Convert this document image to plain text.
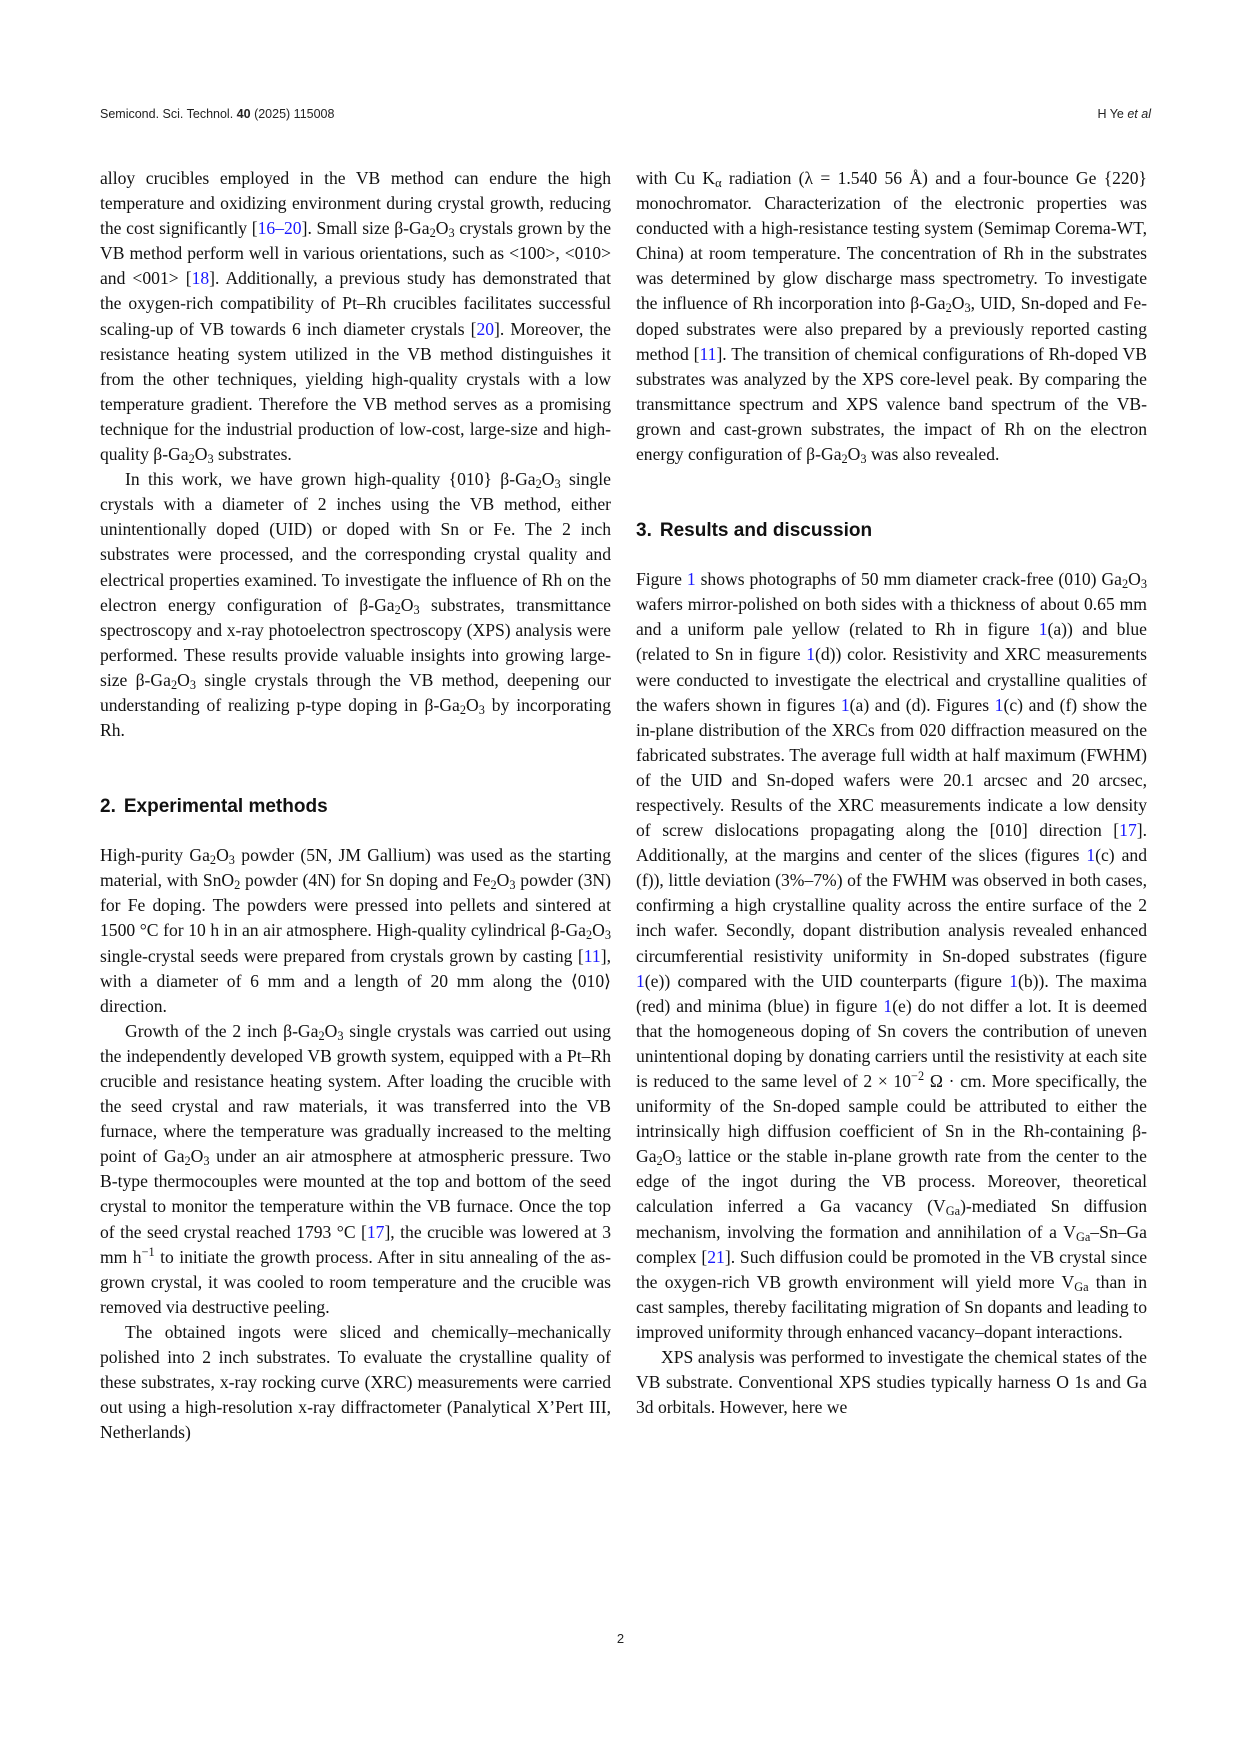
Semicond. Sci. Technol. 40 (2025) 115008	H Ye et al

alloy crucibles employed in the VB method can endure the high temperature and oxidizing environment during crystal growth, reducing the cost significantly [16–20]. Small size $\beta-Ga_2O_3$ crystals grown by the VB method perform well in various orientations, such as <100>, <010> and <001> [18]. Additionally, a previous study has demonstrated that the oxygen-rich compatibility of Pt–Rh crucibles facilitates successful scaling-up of VB towards 6 inch diameter crystals [20]. Moreover, the resistance heating system utilized in the VB method distinguishes it from the other techniques, yielding high-quality crystals with a low temperature gradient. Therefore the VB method serves as a promising technique for the industrial production of low-cost, large-size and high-quality $\beta-Ga_2O_3$ substrates.

In this work, we have grown high-quality {010} $\beta-Ga_2O_3$ single crystals with a diameter of 2 inches using the VB method, either unintentionally doped (UID) or doped with Sn or Fe. The 2 inch substrates were processed, and the corresponding crystal quality and electrical properties examined. To investigate the influence of Rh on the electron energy configuration of $\beta-Ga_2O_3$ substrates, transmittance spectroscopy and x-ray photoelectron spectroscopy (XPS) analysis were performed. These results provide valuable insights into growing large-size $\beta-Ga_2O_3$ single crystals through the VB method, deepening our understanding of realizing p-type doping in $\beta-Ga_2O_3$ by incorporating Rh.

2. Experimental methods

High-purity $Ga_2O_3$ powder (5N, JM Gallium) was used as the starting material, with SnO$_2$ powder (4N) for Sn doping and $Fe_2O_3$ powder (3N) for Fe doping. The powders were pressed into pellets and sintered at 1500 °C for 10 h in an air atmosphere. High-quality cylindrical $\beta-Ga_2O_3$ single-crystal seeds were prepared from crystals grown by casting [11], with a diameter of 6 mm and a length of 20 mm along the ⟨010⟩ direction.

Growth of the 2 inch $\beta-Ga_2O_3$ single crystals was carried out using the independently developed VB growth system, equipped with a Pt–Rh crucible and resistance heating system. After loading the crucible with the seed crystal and raw materials, it was transferred into the VB furnace, where the temperature was gradually increased to the melting point of $Ga_2O_3$ under an air atmosphere at atmospheric pressure. Two B-type thermocouples were mounted at the top and bottom of the seed crystal to monitor the temperature within the VB furnace. Once the top of the seed crystal reached 1793 °C [17], the crucible was lowered at 3 mm $h^{-1}$ to initiate the growth process. After in situ annealing of the as-grown crystal, it was cooled to room temperature and the crucible was removed via destructive peeling.

The obtained ingots were sliced and chemically–mechanically polished into 2 inch substrates. To evaluate the crystalline quality of these substrates, x-ray rocking curve (XRC) measurements were carried out using a high-resolution x-ray diffractometer (Panalytical X’Pert III, Netherlands)

with Cu $K_\alpha$ radiation (λ = 1.540 56 Å) and a four-bounce Ge {220} monochromator. Characterization of the electronic properties was conducted with a high-resistance testing system (Semimap Corema-WT, China) at room temperature. The concentration of Rh in the substrates was determined by glow discharge mass spectrometry. To investigate the influence of Rh incorporation into $\beta-Ga_2O_3$, UID, Sn-doped and Fe-doped substrates were also prepared by a previously reported casting method [11]. The transition of chemical configurations of Rh-doped VB substrates was analyzed by the XPS core-level peak. By comparing the transmittance spectrum and XPS valence band spectrum of the VB-grown and cast-grown substrates, the impact of Rh on the electron energy configuration of $\beta-Ga_2O_3$ was also revealed.

3. Results and discussion

Figure 1 shows photographs of 50 mm diameter crack-free (010) $Ga_2O_3$ wafers mirror-polished on both sides with a thickness of about 0.65 mm and a uniform pale yellow (related to Rh in figure 1(a)) and blue (related to Sn in figure 1(d)) color. Resistivity and XRC measurements were conducted to investigate the electrical and crystalline qualities of the wafers shown in figures 1(a) and (d). Figures 1(c) and (f) show the in-plane distribution of the XRCs from 020 diffraction measured on the fabricated substrates. The average full width at half maximum (FWHM) of the UID and Sn-doped wafers were 20.1 arcsec and 20 arcsec, respectively. Results of the XRC measurements indicate a low density of screw dislocations propagating along the [010] direction [17]. Additionally, at the margins and center of the slices (figures 1(c) and (f)), little deviation (3%–7%) of the FWHM was observed in both cases, confirming a high crystalline quality across the entire surface of the 2 inch wafer. Secondly, dopant distribution analysis revealed enhanced circumferential resistivity uniformity in Sn-doped substrates (figure 1(e)) compared with the UID counterparts (figure 1(b)). The maxima (red) and minima (blue) in figure 1(e) do not differ a lot. It is deemed that the homogeneous doping of Sn covers the contribution of uneven unintentional doping by donating carriers until the resistivity at each site is reduced to the same level of $2 \times 10^{-2}$ Ω · cm. More specifically, the uniformity of the Sn-doped sample could be attributed to either the intrinsically high diffusion coefficient of Sn in the Rh-containing $\beta-Ga_2O_3$ lattice or the stable in-plane growth rate from the center to the edge of the ingot during the VB process. Moreover, theoretical calculation inferred a Ga vacancy $(V_{Ga})$-mediated Sn diffusion mechanism, involving the formation and annihilation of a $V_{Ga}-Sn-Ga$ complex [21]. Such diffusion could be promoted in the VB crystal since the oxygen-rich VB growth environment will yield more $V_{Ga}$ than in cast samples, thereby facilitating migration of Sn dopants and leading to improved uniformity through enhanced vacancy–dopant interactions.

XPS analysis was performed to investigate the chemical states of the VB substrate. Conventional XPS studies typically harness O 1s and Ga 3d orbitals. However, here we

2
